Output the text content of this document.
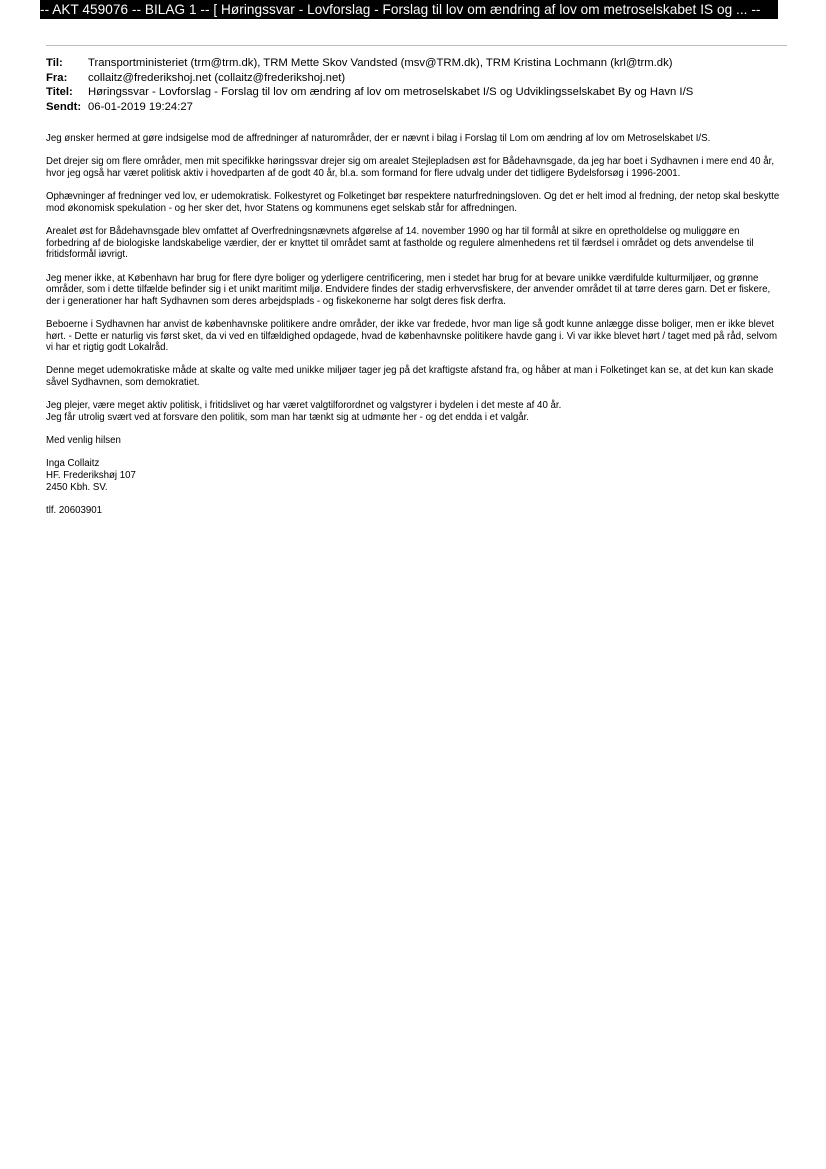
-- AKT 459076 -- BILAG 1 -- [ Høringssvar - Lovforslag - Forslag til lov om ændring af lov om metroselskabet IS og ... --
Til:	Transportministeriet (trm@trm.dk), TRM Mette Skov Vandsted (msv@TRM.dk), TRM Kristina Lochmann (krl@trm.dk)
Fra:	collaitz@frederikshoj.net (collaitz@frederikshoj.net)
Titel:	Høringssvar - Lovforslag - Forslag til lov om ændring af lov om metroselskabet I/S og Udviklingsselskabet By og Havn I/S
Sendt: 06-01-2019 19:24:27

Jeg ønsker hermed at gøre indsigelse mod de affredninger af naturområder, der er nævnt i bilag i Forslag til Lom om ændring af lov om Metroselskabet I/S.

Det drejer sig om flere områder, men mit specifikke høringssvar drejer sig om arealet Stejlepladsen øst for Bådehavnsgade, da jeg har boet i Sydhavnen i mere end 40 år, hvor jeg også har været politisk aktiv i hovedparten af de godt 40 år, bl.a. som formand for flere udvalg under det tidligere Bydelsforsøg i 1996-2001.

Ophævninger af fredninger ved lov, er udemokratisk. Folkestyret og Folketinget bør respektere naturfredningsloven. Og det er helt imod al fredning, der netop skal beskytte mod økonomisk spekulation - og her sker det, hvor Statens og kommunens eget selskab står for affredningen.

Arealet øst for Bådehavnsgade blev omfattet af Overfredningsnævnets afgørelse af 14. november 1990 og har til formål at sikre en opretholdelse og muliggøre en forbedring af de biologiske landskabelige værdier, der er knyttet til området samt at fastholde og regulere almenhedens ret til færdsel i området og dets anvendelse til fritidsformål iøvrigt.

Jeg mener ikke, at København har brug for flere dyre boliger og yderligere centrificering, men i stedet har brug for at bevare unikke værdifulde kulturmiljøer, og grønne områder, som i dette tilfælde befinder sig i et unikt maritimt miljø. Endvidere findes der stadig erhvervsfiskere, der anvender området til at tørre deres garn. Det er fiskere, der i generationer har haft Sydhavnen som deres arbejdsplads - og fiskekonerne har solgt deres fisk derfra.

Beboerne i Sydhavnen har anvist de københavnske politikere andre områder, der ikke var fredede, hvor man lige så godt kunne anlægge disse boliger, men er ikke blevet hørt. - Dette er naturlig vis først sket, da vi ved en tilfældighed opdagede, hvad de københavnske politikere havde gang i. Vi var ikke blevet hørt / taget med på råd, selvom vi har et rigtig godt Lokalråd.

Denne meget udemokratiske måde at skalte og valte med unikke miljøer tager jeg på det kraftigste afstand fra, og håber at man i Folketinget kan se, at det kun kan skade såvel Sydhavnen, som demokratiet.

Jeg plejer, være meget aktiv politisk, i fritidslivet og har været valgtilforordnet og valgstyrer i bydelen i det meste af 40 år.
Jeg får utrolig svært ved at forsvare den politik, som man har tænkt sig at udmønte her - og det endda i et valgår.

Med venlig hilsen

Inga Collaitz
HF. Frederikshøj 107
2450 Kbh. SV.

tlf. 20603901
